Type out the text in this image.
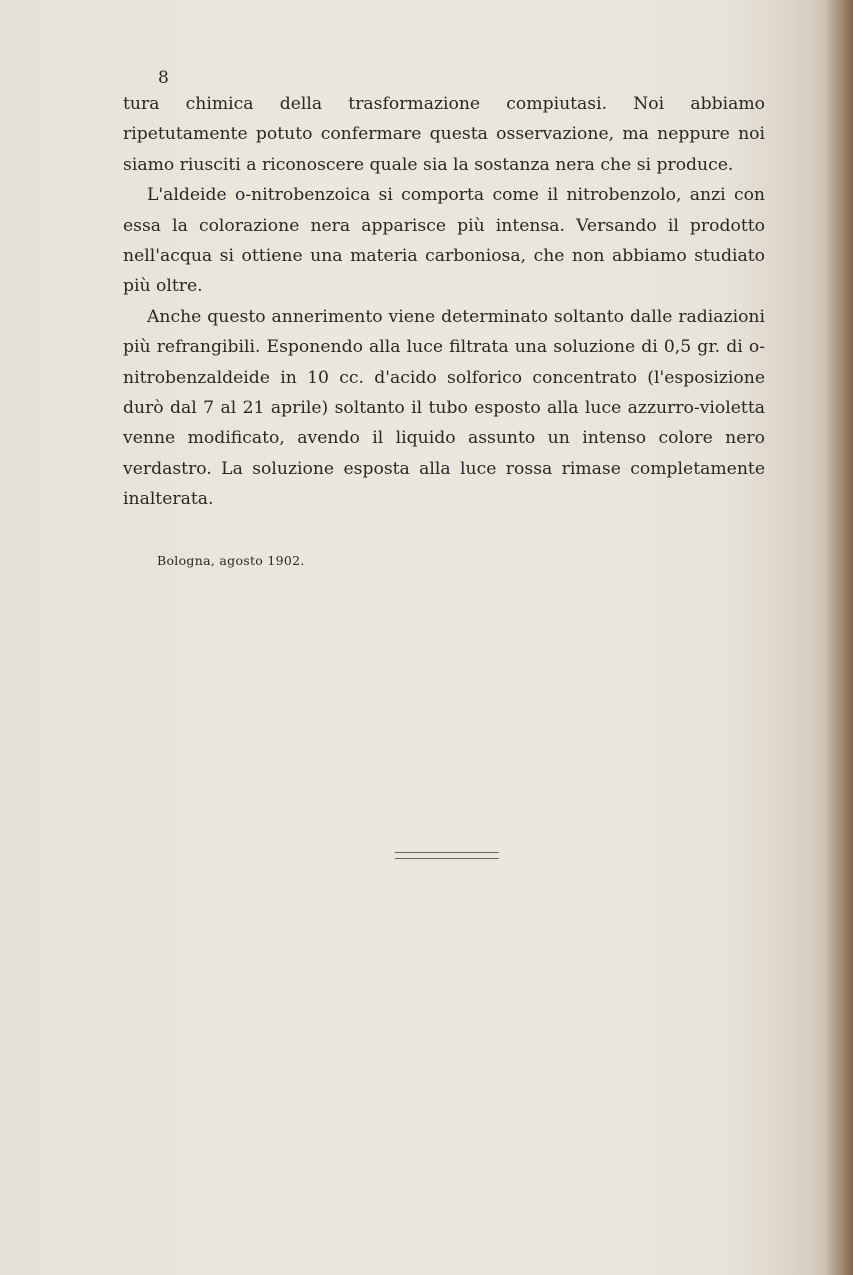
8

tura chimica della trasformazione compiutasi. Noi abbiamo ripetutamente potuto confermare questa osservazione, ma neppure noi siamo riusciti a riconoscere quale sia la sostanza nera che si produce.

L'aldeide o-nitrobenzoica si comporta come il nitrobenzolo, anzi con essa la colorazione nera apparisce più intensa. Versando il prodotto nell'acqua si ottiene una materia carboniosa, che non abbiamo studiato più oltre.

Anche questo annerimento viene determinato soltanto dalle radiazioni più refrangibili. Esponendo alla luce filtrata una soluzione di 0,5 gr. di o-nitrobenzaldeide in 10 cc. d'acido solforico concentrato (l'esposizione durò dal 7 al 21 aprile) soltanto il tubo esposto alla luce azzurro-violetta venne modificato, avendo il liquido assunto un intenso colore nero verdastro. La soluzione esposta alla luce rossa rimase completamente inalterata.

Bologna, agosto 1902.
